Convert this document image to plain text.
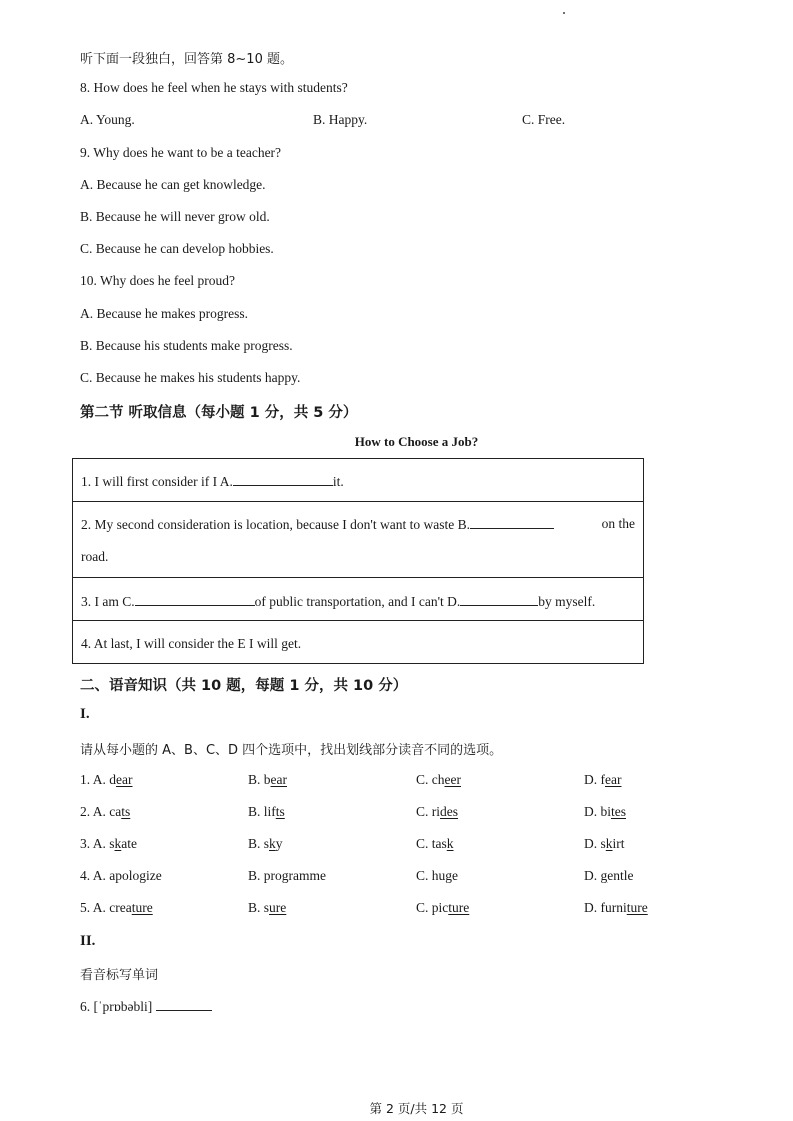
听下面一段独白，回答第 8~10 题。
8. How does he feel when he stays with students?
A. Young.	B. Happy.	C. Free.
9. Why does he want to be a teacher?
A. Because he can get knowledge.
B. Because he will never grow old.
C. Because he can develop hobbies.
10. Why does he feel proud?
A. Because he makes progress.
B. Because his students make progress.
C. Because he makes his students happy.
第二节 听取信息（每小题 1 分，共 5 分）
How to Choose a Job?
1. I will first consider if I A.	it.
2. My second consideration is location, because I don't want to waste B.	on the
road.
3. I am C.	of public transportation, and I can't D.	by myself.
4. At last, I will consider the E I will get.
二、语音知识（共 10 题，每题 1 分，共 10 分）
I.
请从每小题的 A、B、C、D 四个选项中，找出划线部分读音不同的选项。
1. A. dear	B. bear	C. cheer	D. fear
2. A. cats	B. lifts	C. rides	D. bites
3. A. skate	B. sky	C. task	D. skirt
4. A. apologize	B. programme	C. huge	D. gentle
5. A. creature	B. sure	C. picture	D. furniture
II.
看音标写单词
6. [ˈprɒbəbli]
第 2 页/共 12 页
